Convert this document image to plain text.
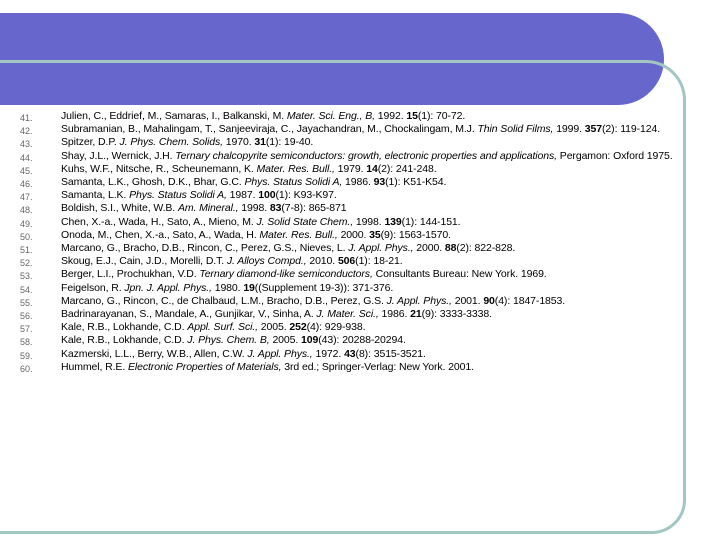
41.	Julien, C., Eddrief, M., Samaras, I., Balkanski, M. Mater. Sci. Eng., B, 1992. 15(1): 70-72.
42.	Subramanian, B., Mahalingam, T., Sanjeeviraja, C., Jayachandran, M., Chockalingam, M.J. Thin Solid Films, 1999. 357(2): 119-124.
43.	Spitzer, D.P. J. Phys. Chem. Solids, 1970. 31(1): 19-40.
44.	Shay, J.L., Wernick, J.H. Ternary chalcopyrite semiconductors: growth, electronic properties and applications, Pergamon: Oxford 1975.
45.	Kuhs, W.F., Nitsche, R., Scheunemann, K. Mater. Res. Bull., 1979. 14(2): 241-248.
46.	Samanta, L.K., Ghosh, D.K., Bhar, G.C. Phys. Status Solidi A, 1986. 93(1): K51-K54.
47.	Samanta, L.K. Phys. Status Solidi A, 1987. 100(1): K93-K97.
48.	Boldish, S.I., White, W.B. Am. Mineral., 1998. 83(7-8): 865-871
49.	Chen, X.-a., Wada, H., Sato, A., Mieno, M. J. Solid State Chem., 1998. 139(1): 144-151.
50.	Onoda, M., Chen, X.-a., Sato, A., Wada, H. Mater. Res. Bull., 2000. 35(9): 1563-1570.
51.	Marcano, G., Bracho, D.B., Rincon, C., Perez, G.S., Nieves, L. J. Appl. Phys., 2000. 88(2): 822-828.
52.	Skoug, E.J., Cain, J.D., Morelli, D.T. J. Alloys Compd., 2010. 506(1): 18-21.
53.	Berger, L.I., Prochukhan, V.D. Ternary diamond-like semiconductors, Consultants Bureau: New York. 1969.
54.	Feigelson, R. Jpn. J. Appl. Phys., 1980. 19((Supplement 19-3)): 371-376.
55.	Marcano, G., Rincon, C., de Chalbaud, L.M., Bracho, D.B., Perez, G.S. J. Appl. Phys., 2001. 90(4): 1847-1853.
56.	Badrinarayanan, S., Mandale, A., Gunjikar, V., Sinha, A. J. Mater. Sci., 1986. 21(9): 3333-3338.
57.	Kale, R.B., Lokhande, C.D. Appl. Surf. Sci., 2005. 252(4): 929-938.
58.	Kale, R.B., Lokhande, C.D. J. Phys. Chem. B, 2005. 109(43): 20288-20294.
59.	Kazmerski, L.L., Berry, W.B., Allen, C.W. J. Appl. Phys., 1972. 43(8): 3515-3521.
60.	Hummel, R.E. Electronic Properties of Materials, 3rd ed.; Springer-Verlag: New York. 2001.
